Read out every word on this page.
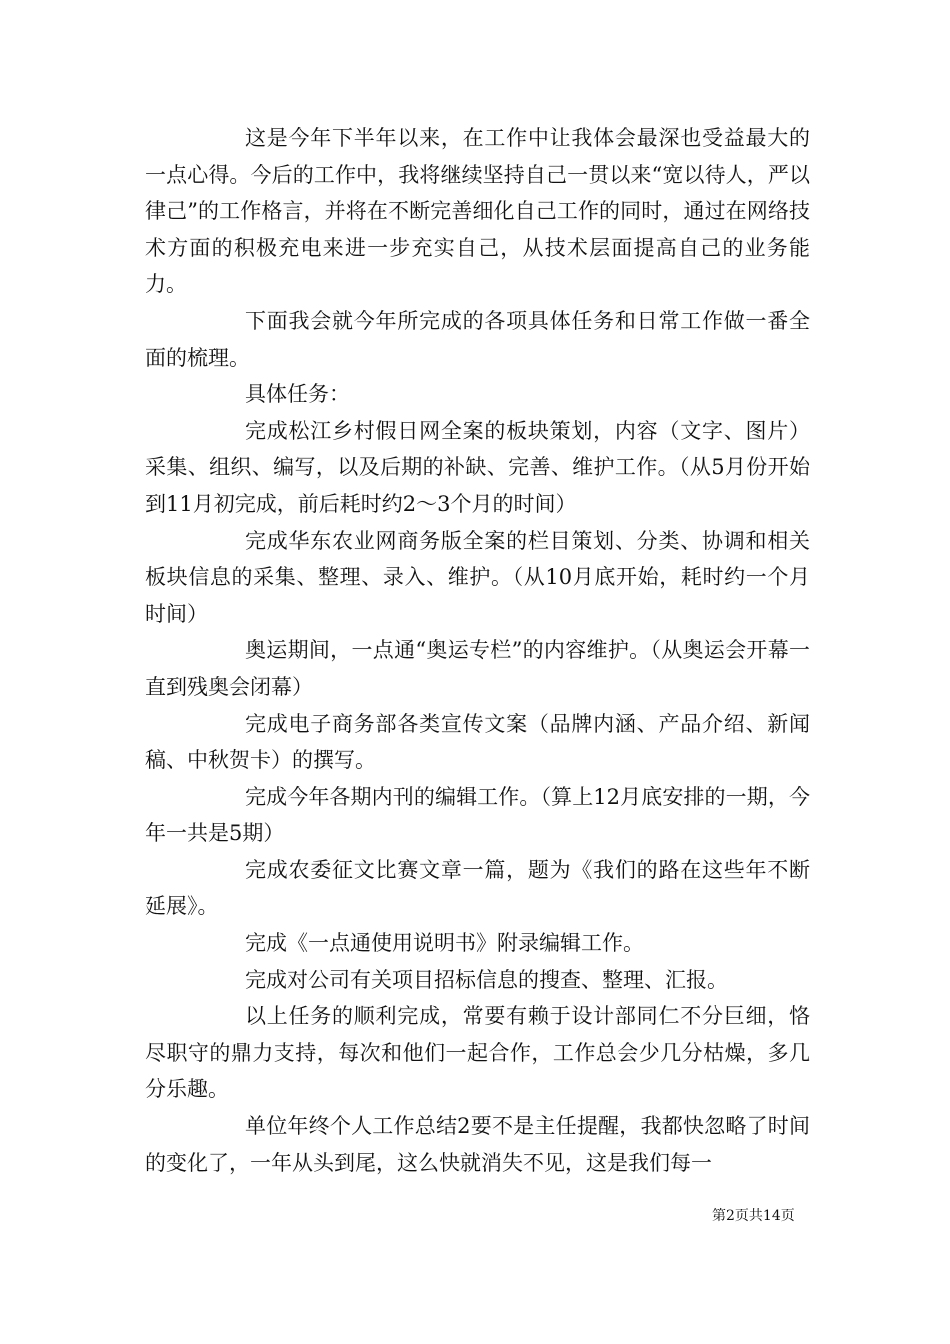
这是今年下半年以来，在工作中让我体会最深也受益最大的一点心得。今后的工作中，我将继续坚持自己一贯以来“宽以待人，严以律己”的工作格言，并将在不断完善细化自己工作的同时，通过在网络技术方面的积极充电来进一步充实自己，从技术层面提高自己的业务能力。

下面我会就今年所完成的各项具体任务和日常工作做一番全面的梳理。

具体任务：

完成松江乡村假日网全案的板块策划，内容（文字、图片）采集、组织、编写，以及后期的补缺、完善、维护工作。（从5月份开始到11月初完成，前后耗时约2～3个月的时间）

完成华东农业网商务版全案的栏目策划、分类、协调和相关板块信息的采集、整理、录入、维护。（从10月底开始，耗时约一个月时间）

奥运期间，一点通“奥运专栏”的内容维护。（从奥运会开幕一直到残奥会闭幕）

完成电子商务部各类宣传文案（品牌内涵、产品介绍、新闻稿、中秋贺卡）的撰写。

完成今年各期内刊的编辑工作。（算上12月底安排的一期，今年一共是5期）

完成农委征文比赛文章一篇，题为《我们的路在这些年不断延展》。

完成《一点通使用说明书》附录编辑工作。

完成对公司有关项目招标信息的搜查、整理、汇报。

以上任务的顺利完成，常要有赖于设计部同仁不分巨细，恪尽职守的鼎力支持，每次和他们一起合作，工作总会少几分枯燥，多几分乐趣。

单位年终个人工作总结2要不是主任提醒，我都快忽略了时间的变化了，一年从头到尾，这么快就消失不见，这是我们每一

第2页共14页
